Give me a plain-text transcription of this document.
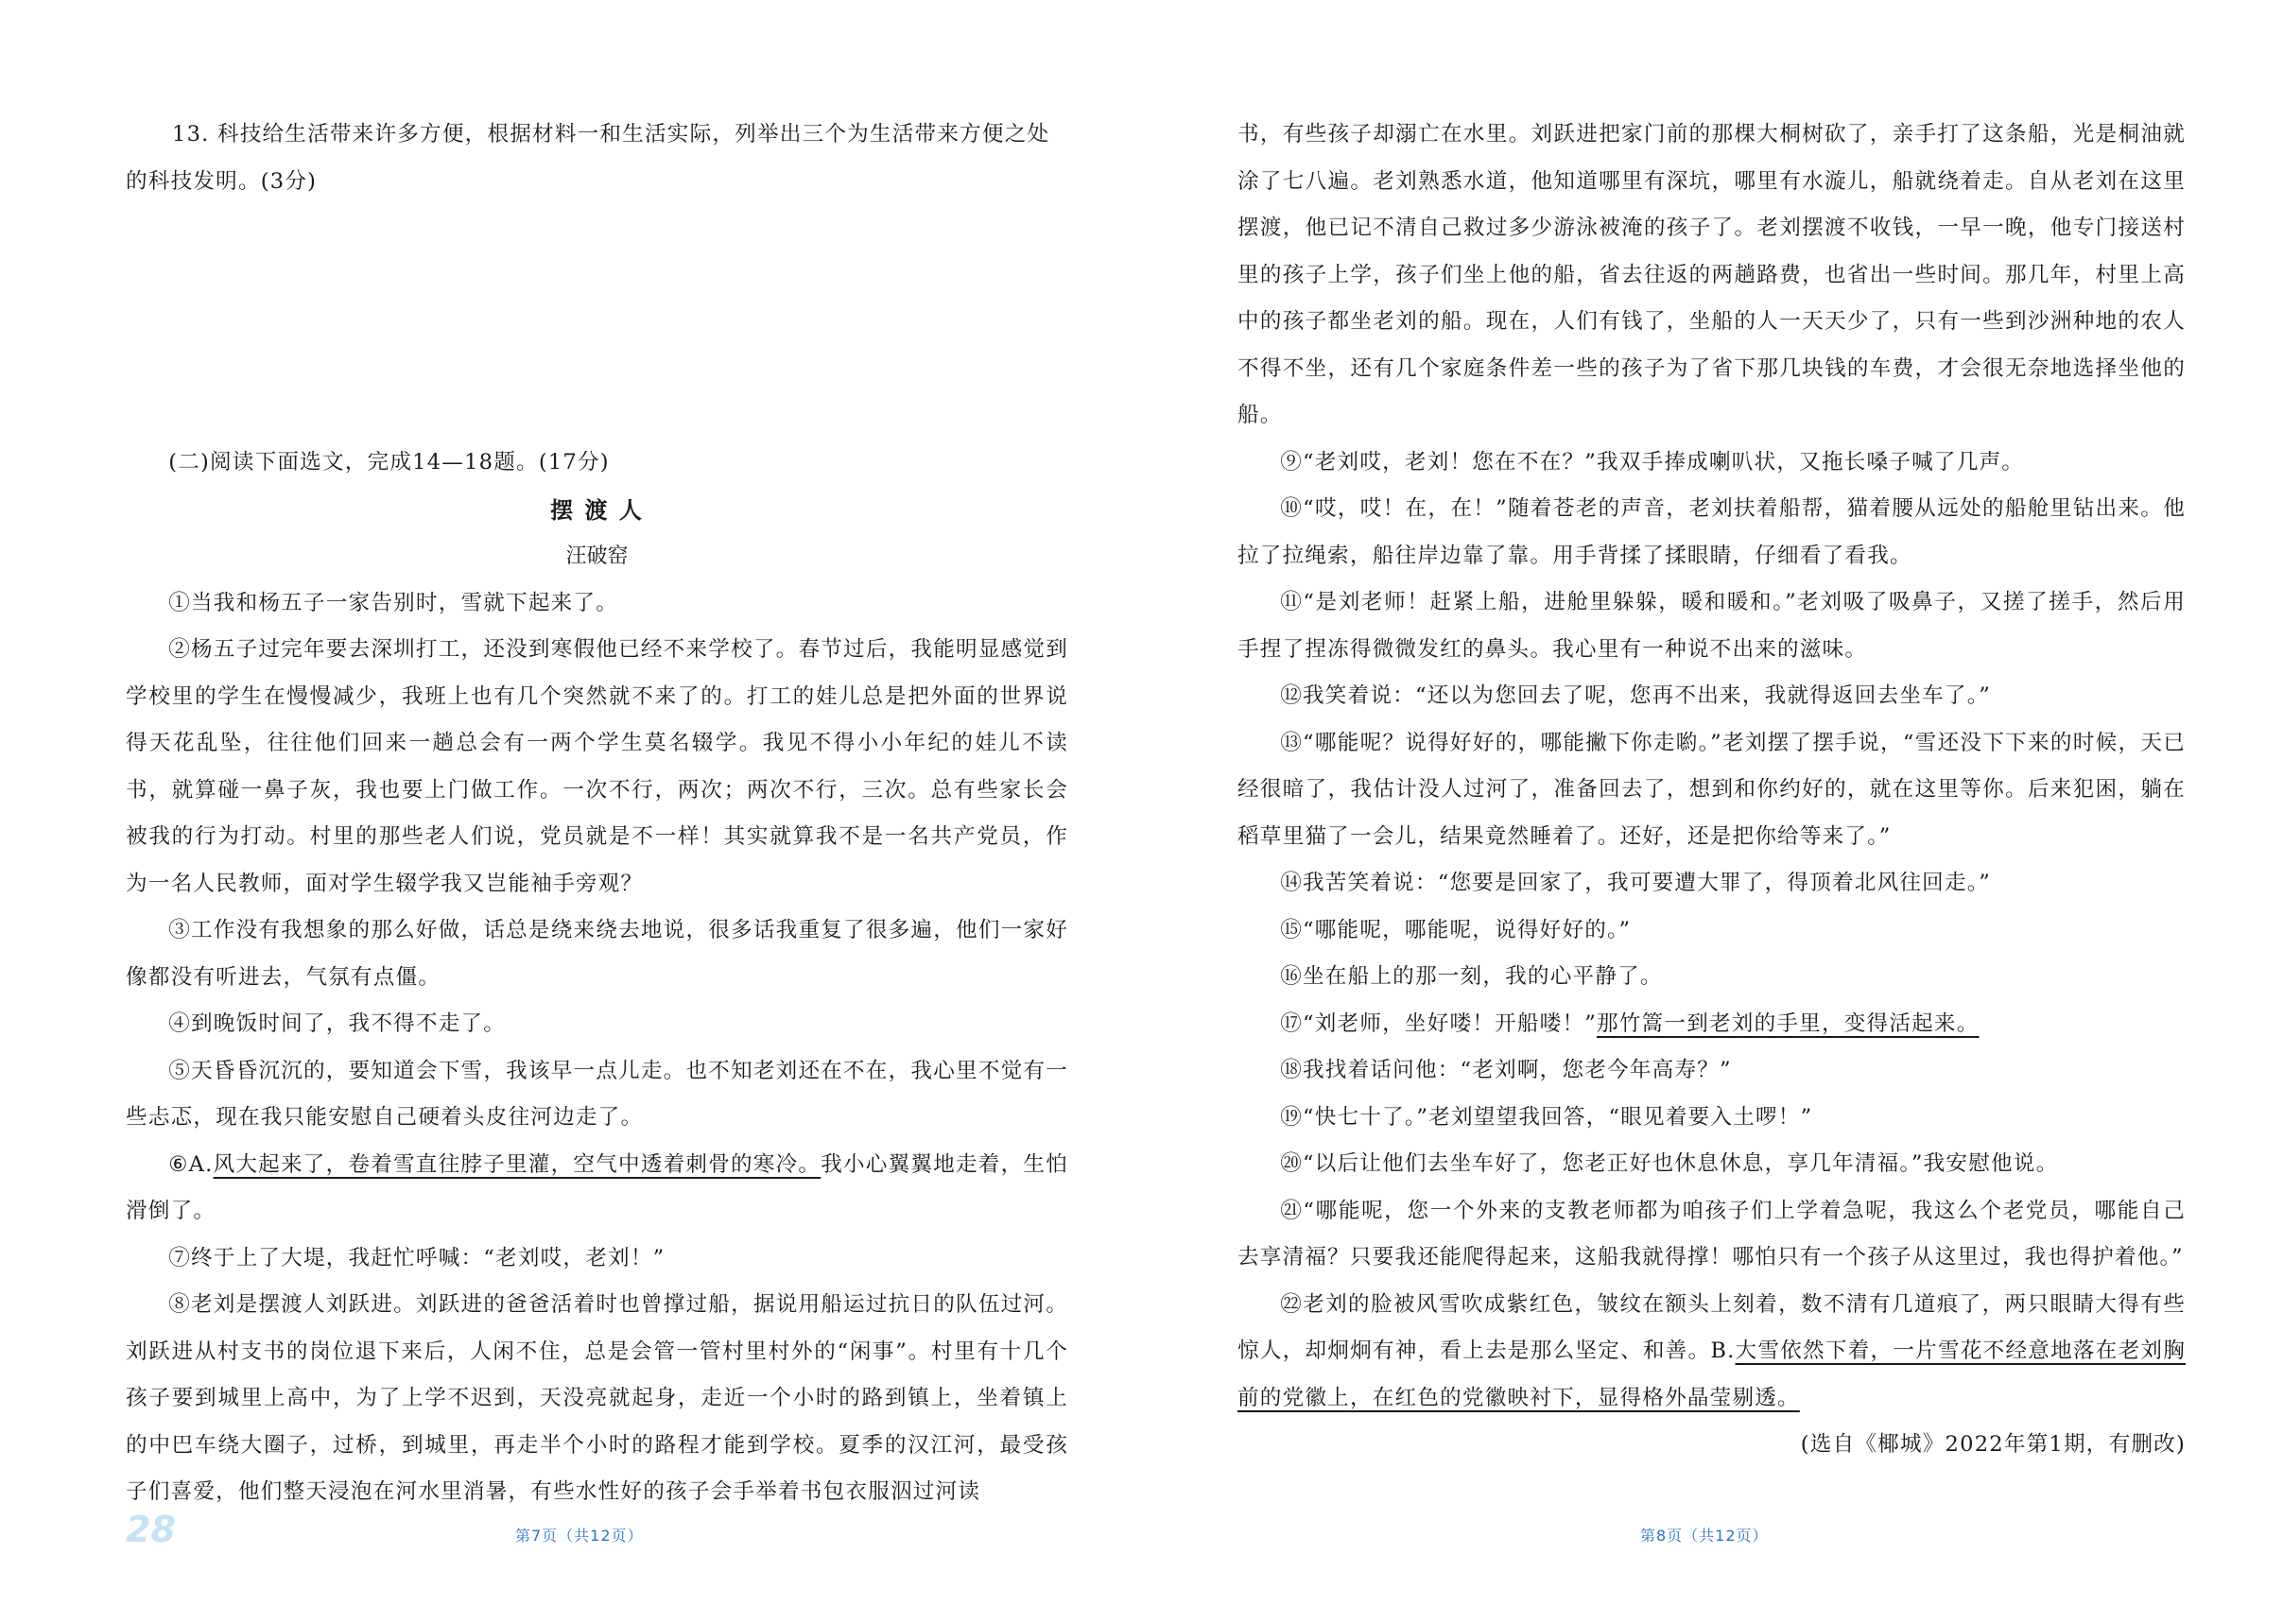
13. 科技给生活带来许多方便，根据材料一和生活实际，列举出三个为生活带来方便之处

的科技发明。(3分)

(二)阅读下面选文，完成14—18题。(17分)

摆 渡 人

汪破窑

①当我和杨五子一家告别时，雪就下起来了。

②杨五子过完年要去深圳打工，还没到寒假他已经不来学校了。春节过后，我能明显感觉到学校里的学生在慢慢减少，我班上也有几个突然就不来了的。打工的娃儿总是把外面的世界说得天花乱坠，往往他们回来一趟总会有一两个学生莫名辍学。我见不得小小年纪的娃儿不读书，就算碰一鼻子灰，我也要上门做工作。一次不行，两次；两次不行，三次。总有些家长会被我的行为打动。村里的那些老人们说，党员就是不一样！其实就算我不是一名共产党员，作为一名人民教师，面对学生辍学我又岂能袖手旁观？

③工作没有我想象的那么好做，话总是绕来绕去地说，很多话我重复了很多遍，他们一家好像都没有听进去，气氛有点僵。

④到晚饭时间了，我不得不走了。

⑤天昏昏沉沉的，要知道会下雪，我该早一点儿走。也不知老刘还在不在，我心里不觉有一些忐忑，现在我只能安慰自己硬着头皮往河边走了。

⑥A.风大起来了，卷着雪直往脖子里灌，空气中透着刺骨的寒冷。我小心翼翼地走着，生怕滑倒了。

⑦终于上了大堤，我赶忙呼喊：“老刘哎，老刘！”

⑧老刘是摆渡人刘跃进。刘跃进的爸爸活着时也曾撑过船，据说用船运过抗日的队伍过河。刘跃进从村支书的岗位退下来后，人闲不住，总是会管一管村里村外的“闲事”。村里有十几个孩子要到城里上高中，为了上学不迟到，天没亮就起身，走近一个小时的路到镇上，坐着镇上的中巴车绕大圈子，过桥，到城里，再走半个小时的路程才能到学校。夏季的汉江河，最受孩子们喜爱，他们整天浸泡在河水里消暑，有些水性好的孩子会手举着书包衣服泅过河读

28	第7页（共12页）

书，有些孩子却溺亡在水里。刘跃进把家门前的那棵大桐树砍了，亲手打了这条船，光是桐油就涂了七八遍。老刘熟悉水道，他知道哪里有深坑，哪里有水漩儿，船就绕着走。自从老刘在这里摆渡，他已记不清自己救过多少游泳被淹的孩子了。老刘摆渡不收钱，一早一晚，他专门接送村里的孩子上学，孩子们坐上他的船，省去往返的两趟路费，也省出一些时间。那几年，村里上高中的孩子都坐老刘的船。现在，人们有钱了，坐船的人一天天少了，只有一些到沙洲种地的农人不得不坐，还有几个家庭条件差一些的孩子为了省下那几块钱的车费，才会很无奈地选择坐他的船。

⑨“老刘哎，老刘！您在不在？”我双手捧成喇叭状，又拖长嗓子喊了几声。

⑩“哎，哎！在，在！”随着苍老的声音，老刘扶着船帮，猫着腰从远处的船舱里钻出来。他拉了拉绳索，船往岸边靠了靠。用手背揉了揉眼睛，仔细看了看我。

⑪“是刘老师！赶紧上船，进舱里躲躲，暖和暖和。”老刘吸了吸鼻子，又搓了搓手，然后用手捏了捏冻得微微发红的鼻头。我心里有一种说不出来的滋味。

⑫我笑着说：“还以为您回去了呢，您再不出来，我就得返回去坐车了。”

⑬“哪能呢？说得好好的，哪能撇下你走喲。”老刘摆了摆手说，“雪还没下下来的时候，天已经很暗了，我估计没人过河了，准备回去了，想到和你约好的，就在这里等你。后来犯困，躺在稻草里猫了一会儿，结果竟然睡着了。还好，还是把你给等来了。”

⑭我苦笑着说：“您要是回家了，我可要遭大罪了，得顶着北风往回走。”

⑮“哪能呢，哪能呢，说得好好的。”

⑯坐在船上的那一刻，我的心平静了。

⑰“刘老师，坐好喽！开船喽！”那竹篙一到老刘的手里，变得活起来。

⑱我找着话问他：“老刘啊，您老今年高寿？”

⑲“快七十了。”老刘望望我回答，“眼见着要入土啰！”

⑳“以后让他们去坐车好了，您老正好也休息休息，享几年清福。”我安慰他说。

㉑“哪能呢，您一个外来的支教老师都为咱孩子们上学着急呢，我这么个老党员，哪能自己去享清福？只要我还能爬得起来，这船我就得撑！哪怕只有一个孩子从这里过，我也得护着他。”

㉒老刘的脸被风雪吹成紫红色，皱纹在额头上刻着，数不清有几道痕了，两只眼睛大得有些惊人，却炯炯有神，看上去是那么坚定、和善。B.大雪依然下着，一片雪花不经意地落在老刘胸前的党徽上，在红色的党徽映衬下，显得格外晶莹剔透。

(选自《椰城》2022年第1期，有删改)

第8页（共12页）
